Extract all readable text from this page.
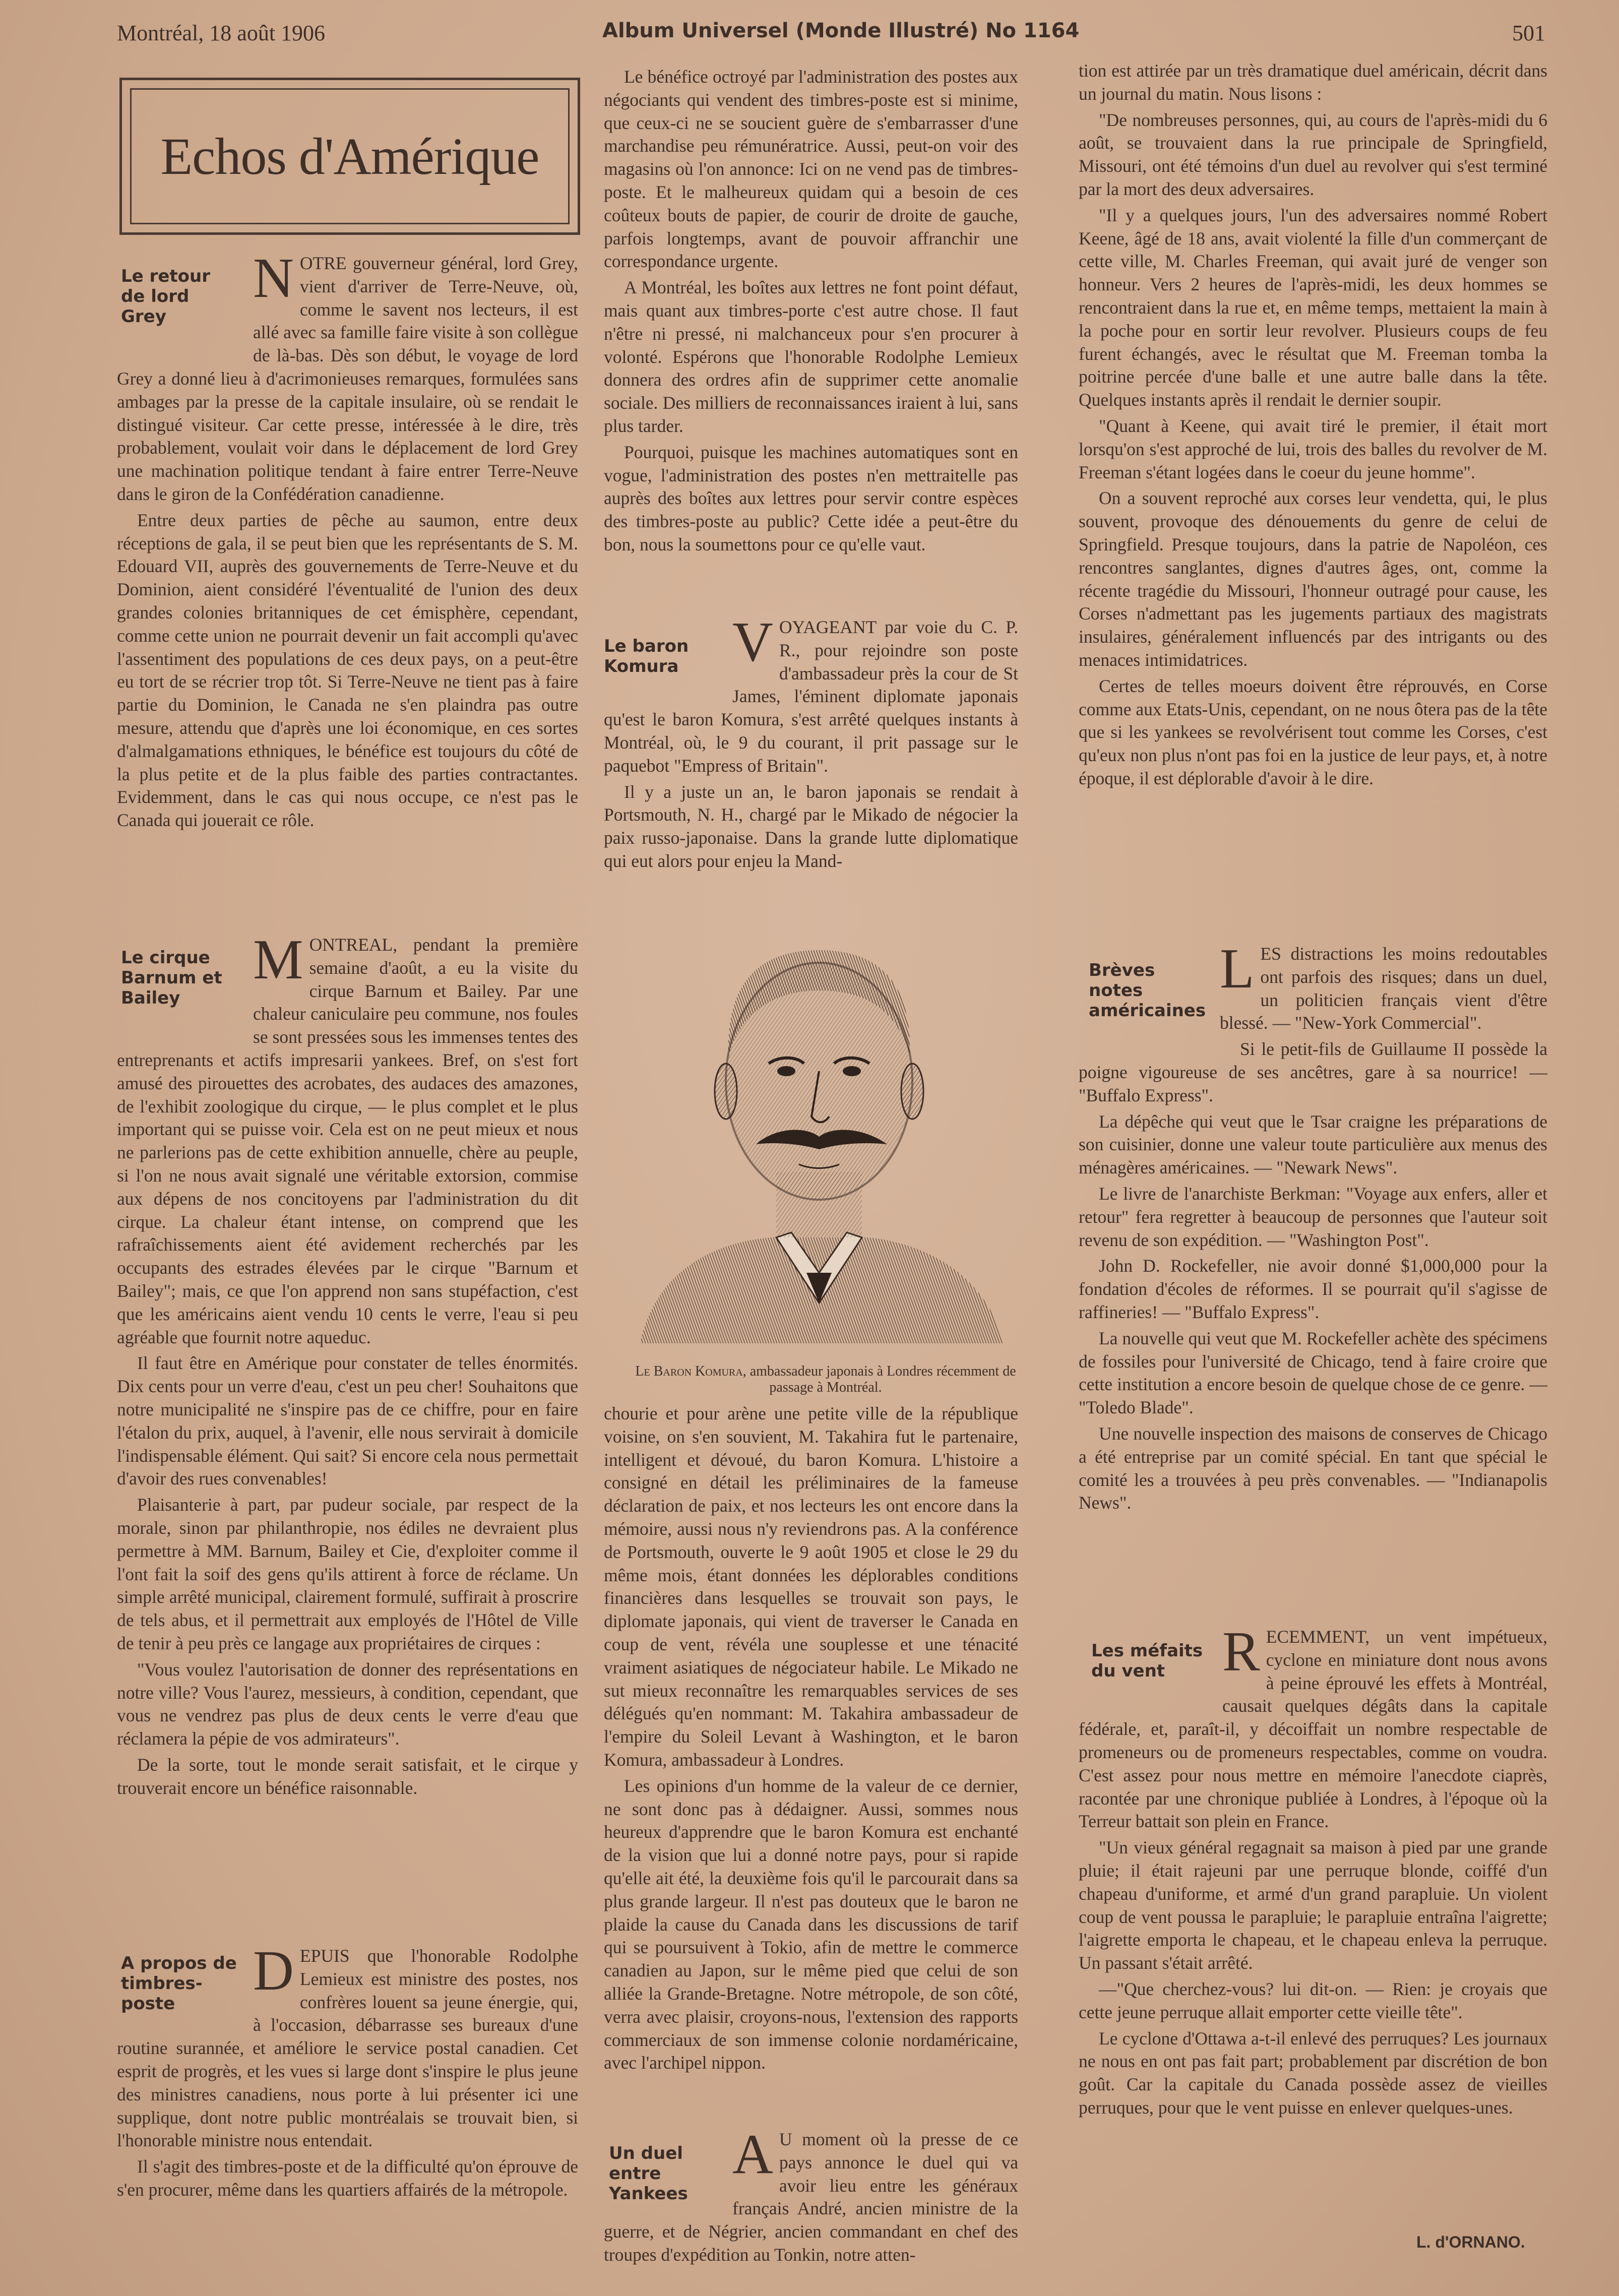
Montréal, 18 août 1906	Album Universel (Monde Illustré) No 1164	501
Echos d'Amérique
Le retour de lord Grey
N OTRE gouverneur général, lord Grey, vient d'arriver de Terre-Neuve, où, comme le savent nos lecteurs, il est allé avec sa famille faire visite à son collègue de là-bas. Dès son début, le voyage de lord Grey a donné lieu à d'acrimonieuses remarques, formulées sans ambages par la presse de la capitale insulaire, où se rendait le distingué visiteur. Car cette presse, intéressée à le dire, très probablement, voulait voir dans le déplacement de lord Grey une machination politique tendant à faire entrer Terre-Neuve dans le giron de la Confédération canadienne.

Entre deux parties de pêche au saumon, entre deux réceptions de gala, il se peut bien que les représentants de S. M. Edouard VII, auprès des gouvernements de Terre-Neuve et du Dominion, aient considéré l'éventualité de l'union des deux grandes colonies britanniques de cet émisphère, cependant, comme cette union ne pourrait devenir un fait accompli qu'avec l'assentiment des populations de ces deux pays, on a peut-être eu tort de se récrier trop tôt. Si Terre-Neuve ne tient pas à faire partie du Dominion, le Canada ne s'en plaindra pas outre mesure, attendu que d'après une loi économique, en ces sortes d'almalgamations ethniques, le bénéfice est toujours du côté de la plus petite et de la plus faible des parties contractantes. Evidemment, dans le cas qui nous occupe, ce n'est pas le Canada qui jouerait ce rôle.

Le cirque Barnum et Bailey
M ONTREAL, pendant la première semaine d'août, a eu la visite du cirque Barnum et Bailey. Par une chaleur caniculaire peu commune, nos foules se sont pressées sous les immenses tentes des entreprenants et actifs impresarii yankees. Bref, on s'est fort amusé des pirouettes des acrobates, des audaces des amazones, de l'exhibit zoologique du cirque, — le plus complet et le plus important qui se puisse voir. Cela est on ne peut mieux et nous ne parlerions pas de cette exhibition annuelle, chère au peuple, si l'on ne nous avait signalé une véritable extorsion, commise aux dépens de nos concitoyens par l'administration du dit cirque. La chaleur étant intense, on comprend que les rafraîchissements aient été avidement recherchés par les occupants des estrades élevées par le cirque "Barnum et Bailey"; mais, ce que l'on apprend non sans stupéfaction, c'est que les américains aient vendu 10 cents le verre, l'eau si peu agréable que fournit notre aqueduc.

Il faut être en Amérique pour constater de telles énormités. Dix cents pour un verre d'eau, c'est un peu cher! Souhaitons que notre municipalité ne s'inspire pas de ce chiffre, pour en faire l'étalon du prix, auquel, à l'avenir, elle nous servirait à domicile l'indispensable élément. Qui sait? Si encore cela nous permettait d'avoir des rues convenables!

Plaisanterie à part, par pudeur sociale, par respect de la morale, sinon par philanthropie, nos édiles ne devraient plus permettre à MM. Barnum, Bailey et Cie, d'exploiter comme il l'ont fait la soif des gens qu'ils attirent à force de réclame. Un simple arrêté municipal, clairement formulé, suffirait à proscrire de tels abus, et il permettrait aux employés de l'Hôtel de Ville de tenir à peu près ce langage aux propriétaires de cirques :

"Vous voulez l'autorisation de donner des représentations en notre ville? Vous l'aurez, messieurs, à condition, cependant, que vous ne vendrez pas plus de deux cents le verre d'eau que réclamera la pépie de vos admirateurs".

De la sorte, tout le monde serait satisfait, et le cirque y trouverait encore un bénéfice raisonnable.

A propos de timbres-poste
D EPUIS que l'honorable Rodolphe Lemieux est ministre des postes, nos confrères louent sa jeune énergie, qui, à l'occasion, débarrasse ses bureaux d'une routine surannée, et améliore le service postal canadien. Cet esprit de progrès, et les vues si large dont s'inspire le plus jeune des ministres canadiens, nous porte à lui présenter ici une supplique, dont notre public montréalais se trouvait bien, si l'honorable ministre nous entendait.

Il s'agit des timbres-poste et de la difficulté qu'on éprouve de s'en procurer, même dans les quartiers affairés de la métropole.

Le bénéfice octroyé par l'administration des postes aux négociants qui vendent des timbres-poste est si minime, que ceux-ci ne se soucient guère de s'embarrasser d'une marchandise peu rémunératrice. Aussi, peut-on voir des magasins où l'on annonce: Ici on ne vend pas de timbres-poste. Et le malheureux quidam qui a besoin de ces coûteux bouts de papier, de courir de droite de gauche, parfois longtemps, avant de pouvoir affranchir une correspondance urgente.

A Montréal, les boîtes aux lettres ne font point défaut, mais quant aux timbres-porte c'est autre chose. Il faut n'être ni pressé, ni malchanceux pour s'en procurer à volonté. Espérons que l'honorable Rodolphe Lemieux donnera des ordres afin de supprimer cette anomalie sociale. Des milliers de reconnaissances iraient à lui, sans plus tarder.

Pourquoi, puisque les machines automatiques sont en vogue, l'administration des postes n'en mettraitelle pas auprès des boîtes aux lettres pour servir contre espèces des timbres-poste au public? Cette idée a peut-être du bon, nous la soumettons pour ce qu'elle vaut.

Le baron Komura V OYAGEANT par voie du C. P. R., pour rejoindre son poste d'ambassadeur près la cour de St James, l'éminent diplomate japonais qu'est le baron Komura, s'est arrêté quelques instants à Montréal, où, le 9 du courant, il prit passage sur le paquebot "Empress of Britain".

Il y a juste un an, le baron japonais se rendait à Portsmouth, N. H., chargé par le Mikado de négocier la paix russo-japonaise. Dans la grande lutte diplomatique qui eut alors pour enjeu la Mand-

Le Baron Komura, ambassadeur japonais à Londres récemment de passage à Montréal.

chourie et pour arène une petite ville de la république voisine, on s'en souvient, M. Takahira fut le partenaire, intelligent et dévoué, du baron Komura. L'histoire a consigné en détail les préliminaires de la fameuse déclaration de paix, et nos lecteurs les ont encore dans la mémoire, aussi nous n'y reviendrons pas. A la conférence de Portsmouth, ouverte le 9 août 1905 et close le 29 du même mois, étant données les déplorables conditions financières dans lesquelles se trouvait son pays, le diplomate japonais, qui vient de traverser le Canada en coup de vent, révéla une souplesse et une ténacité vraiment asiatiques de négociateur habile. Le Mikado ne sut mieux reconnaître les remarquables services de ses délégués qu'en nommant: M. Takahira ambassadeur de l'empire du Soleil Levant à Washington, et le baron Komura, ambassadeur à Londres.

Les opinions d'un homme de la valeur de ce dernier, ne sont donc pas à dédaigner. Aussi, sommes nous heureux d'apprendre que le baron Komura est enchanté de la vision que lui a donné notre pays, pour si rapide qu'elle ait été, la deuxième fois qu'il le parcourait dans sa plus grande largeur. Il n'est pas douteux que le baron ne plaide la cause du Canada dans les discussions de tarif qui se poursuivent à Tokio, afin de mettre le commerce canadien au Japon, sur le même pied que celui de son alliée la Grande-Bretagne. Notre métropole, de son côté, verra avec plaisir, croyons-nous, l'extension des rapports commerciaux de son immense colonie nordaméricaine, avec l'archipel nippon.

Un duel entre Yankees
A U moment où la presse de ce pays annonce le duel qui va avoir lieu entre les généraux français André, ancien ministre de la guerre, et de Négrier, ancien commandant en chef des troupes d'expédition au Tonkin, notre atten-

tion est attirée par un très dramatique duel américain, décrit dans un journal du matin. Nous lisons :

"De nombreuses personnes, qui, au cours de l'après-midi du 6 août, se trouvaient dans la rue principale de Springfield, Missouri, ont été témoins d'un duel au revolver qui s'est terminé par la mort des deux adversaires.

"Il y a quelques jours, l'un des adversaires nommé Robert Keene, âgé de 18 ans, avait violenté la fille d'un commerçant de cette ville, M. Charles Freeman, qui avait juré de venger son honneur. Vers 2 heures de l'après-midi, les deux hommes se rencontraient dans la rue et, en même temps, mettaient la main à la poche pour en sortir leur revolver. Plusieurs coups de feu furent échangés, avec le résultat que M. Freeman tomba la poitrine percée d'une balle et une autre balle dans la tête. Quelques instants après il rendait le dernier soupir.

"Quant à Keene, qui avait tiré le premier, il était mort lorsqu'on s'est approché de lui, trois des balles du revolver de M. Freeman s'étant logées dans le coeur du jeune homme".

On a souvent reproché aux corses leur vendetta, qui, le plus souvent, provoque des dénouements du genre de celui de Springfield. Presque toujours, dans la patrie de Napoléon, ces rencontres sanglantes, dignes d'autres âges, ont, comme la récente tragédie du Missouri, l'honneur outragé pour cause, les Corses n'admettant pas les jugements partiaux des magistrats insulaires, généralement influencés par des intrigants ou des menaces intimidatrices.

Certes de telles moeurs doivent être réprouvés, en Corse comme aux Etats-Unis, cependant, on ne nous ôtera pas de la tête que si les yankees se revolvérisent tout comme les Corses, c'est qu'eux non plus n'ont pas foi en la justice de leur pays, et, à notre époque, il est déplorable d'avoir à le dire.

Brèves notes américaines
L ES distractions les moins redoutables ont parfois des risques; dans un duel, un politicien français vient d'être blessé. — "New-York Commercial".

Si le petit-fils de Guillaume II possède la poigne vigoureuse de ses ancêtres, gare à sa nourrice! — "Buffalo Express".

La dépêche qui veut que le Tsar craigne les préparations de son cuisinier, donne une valeur toute particulière aux menus des ménagères américaines. — "Newark News".

Le livre de l'anarchiste Berkman: "Voyage aux enfers, aller et retour" fera regretter à beaucoup de personnes que l'auteur soit revenu de son expédition. — "Washington Post".

John D. Rockefeller, nie avoir donné $1,000,000 pour la fondation d'écoles de réformes. Il se pourrait qu'il s'agisse de raffineries! — "Buffalo Express".

La nouvelle qui veut que M. Rockefeller achète des spécimens de fossiles pour l'université de Chicago, tend à faire croire que cette institution a encore besoin de quelque chose de ce genre. — "Toledo Blade".

Une nouvelle inspection des maisons de conserves de Chicago a été entreprise par un comité spécial. En tant que spécial le comité les a trouvées à peu près convenables. — "Indianapolis News".

Les méfaits du vent	R ECEMMENT, un vent impétueux, cyclone en miniature dont nous avons à peine éprouvé les effets à Montréal, causait quelques dégâts dans la capitale fédérale, et, paraît-il, y décoiffait un nombre respectable de promeneurs ou de promeneurs respectables, comme on voudra. C'est assez pour nous mettre en mémoire l'anecdote ciaprès, racontée par une chronique publiée à Londres, à l'époque où la Terreur battait son plein en France.

"Un vieux général regagnait sa maison à pied par une grande pluie; il était rajeuni par une perruque blonde, coiffé d'un chapeau d'uniforme, et armé d'un grand parapluie. Un violent coup de vent poussa le parapluie; le parapluie entraîna l'aigrette; l'aigrette emporta le chapeau, et le chapeau enleva la perruque. Un passant s'était arrêté.

—"Que cherchez-vous? lui dit-on. — Rien: je croyais que cette jeune perruque allait emporter cette vieille tête".

Le cyclone d'Ottawa a-t-il enlevé des perruques? Les journaux ne nous en ont pas fait part; probablement par discrétion de bon goût. Car la capitale du Canada possède assez de vieilles perruques, pour que le vent puisse en enlever quelques-unes.

L. d'ORNANO.
